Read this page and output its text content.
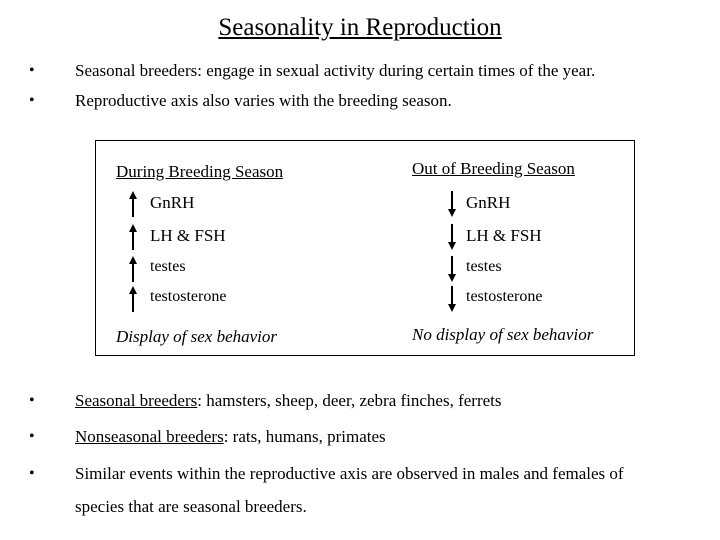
Seasonality in Reproduction
• Seasonal breeders: engage in sexual activity during certain times of the year.
• Reproductive axis also varies with the breeding season.
During Breeding Season	Out of Breeding Season
GnRH
LH & FSH
testes
testosterone
GnRH
LH & FSH
testes
testosterone
Display of sex behavior	No display of sex behavior
• Seasonal breeders: hamsters, sheep, deer, zebra finches, ferrets
• Nonseasonal breeders: rats, humans, primates
• Similar events within the reproductive axis are observed in males and females of
species that are seasonal breeders.
